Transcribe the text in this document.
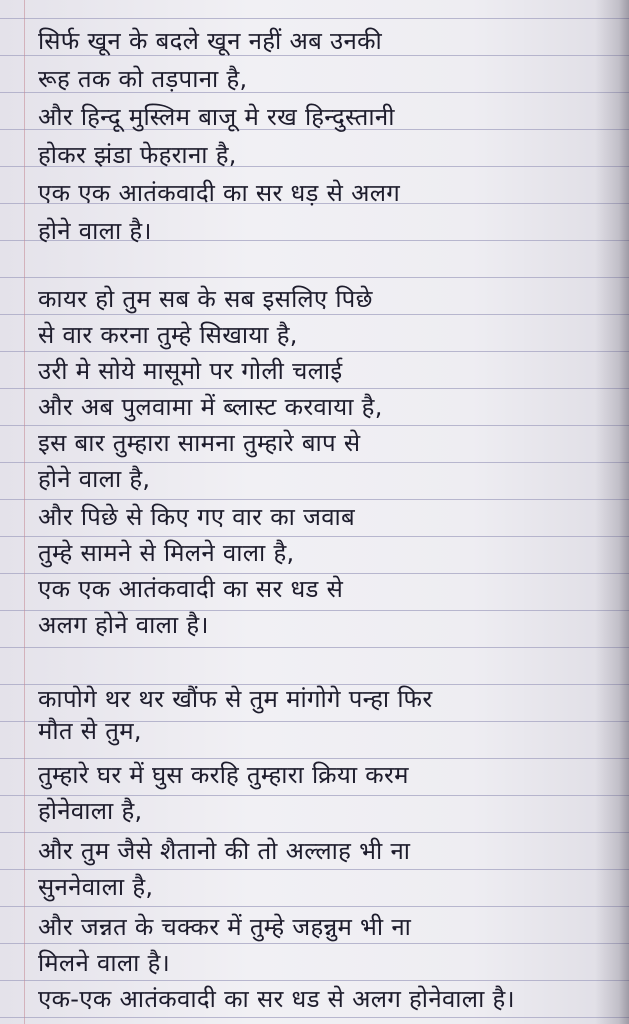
सिर्फ खून के बदले खून नहीं अब उनकी
रूह तक को तड़पाना है,
और हिन्दू मुस्लिम बाजू मे रख हिन्दुस्तानी
होकर झंडा फेहराना है,
एक एक आतंकवादी का सर धड़ से अलग
होने वाला है।
कायर हो तुम सब के सब इसलिए पिछे
से वार करना तुम्हे सिखाया है,
उरी मे सोये मासूमो पर गोली चलाई
और अब पुलवामा में ब्लास्ट करवाया है,
इस बार तुम्हारा सामना तुम्हारे बाप से
होने वाला है,
और पिछे से किए गए वार का जवाब
तुम्हे सामने से मिलने वाला है,
एक एक आतंकवादी का सर धड से
अलग होने वाला है।
कापोगे थर थर खौंफ से तुम मांगोगे पन्हा फिर
मौत से तुम,
तुम्हारे घर में घुस करहि तुम्हारा क्रिया करम
होनेवाला है,
और तुम जैसे शैतानो की तो अल्लाह भी ना
सुननेवाला है,
और जन्नत के चक्कर में तुम्हे जहन्नुम भी ना
मिलने वाला है।
एक-एक आतंकवादी का सर धड से अलग होनेवाला है।
